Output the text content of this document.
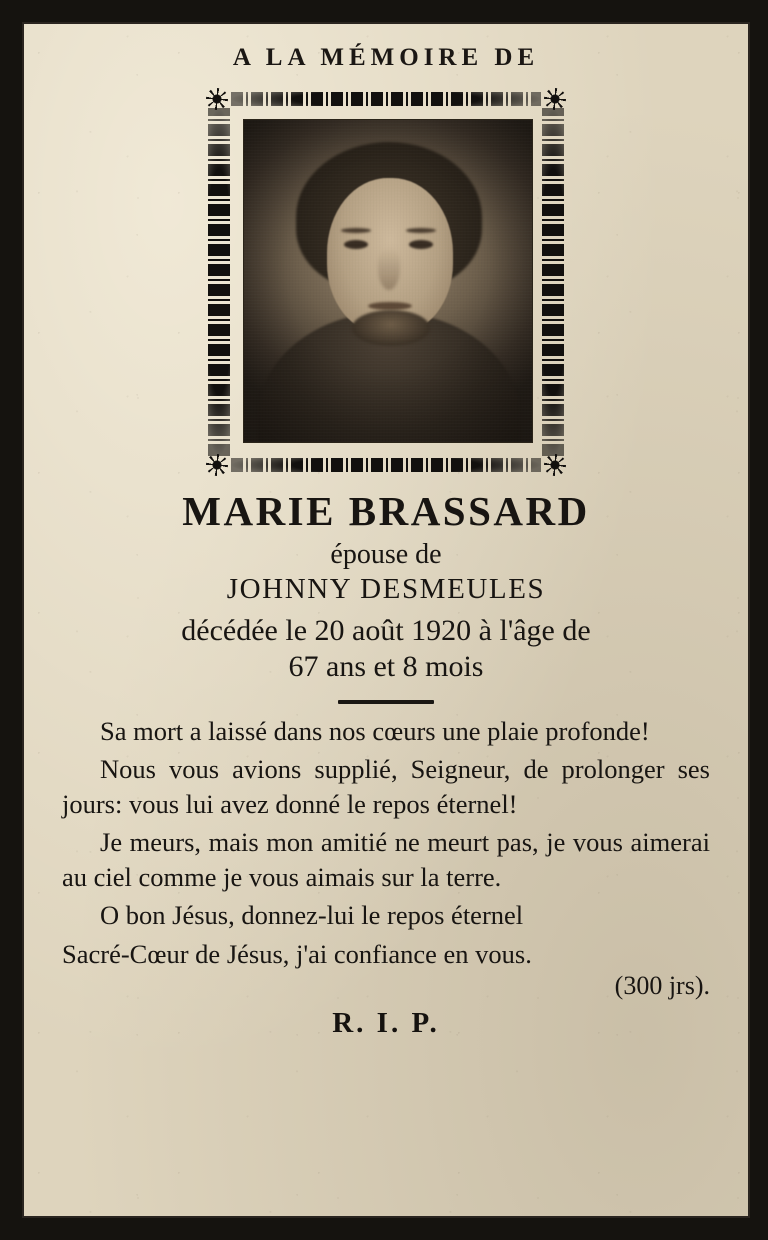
A LA MÉMOIRE DE
MARIE BRASSARD
épouse de
JOHNNY DESMEULES
décédée le 20 août 1920 à l'âge de
67 ans et 8 mois

Sa mort a laissé dans nos cœurs une plaie profonde!

Nous vous avions supplié, Seigneur, de prolonger ses jours: vous lui avez donné le repos éternel!

Je meurs, mais mon amitié ne meurt pas, je vous aimerai au ciel comme je vous aimais sur la terre.

O bon Jésus, donnez-lui le repos éternel

Sacré-Cœur de Jésus, j'ai confiance en vous.

(300 jrs).
R. I. P.
